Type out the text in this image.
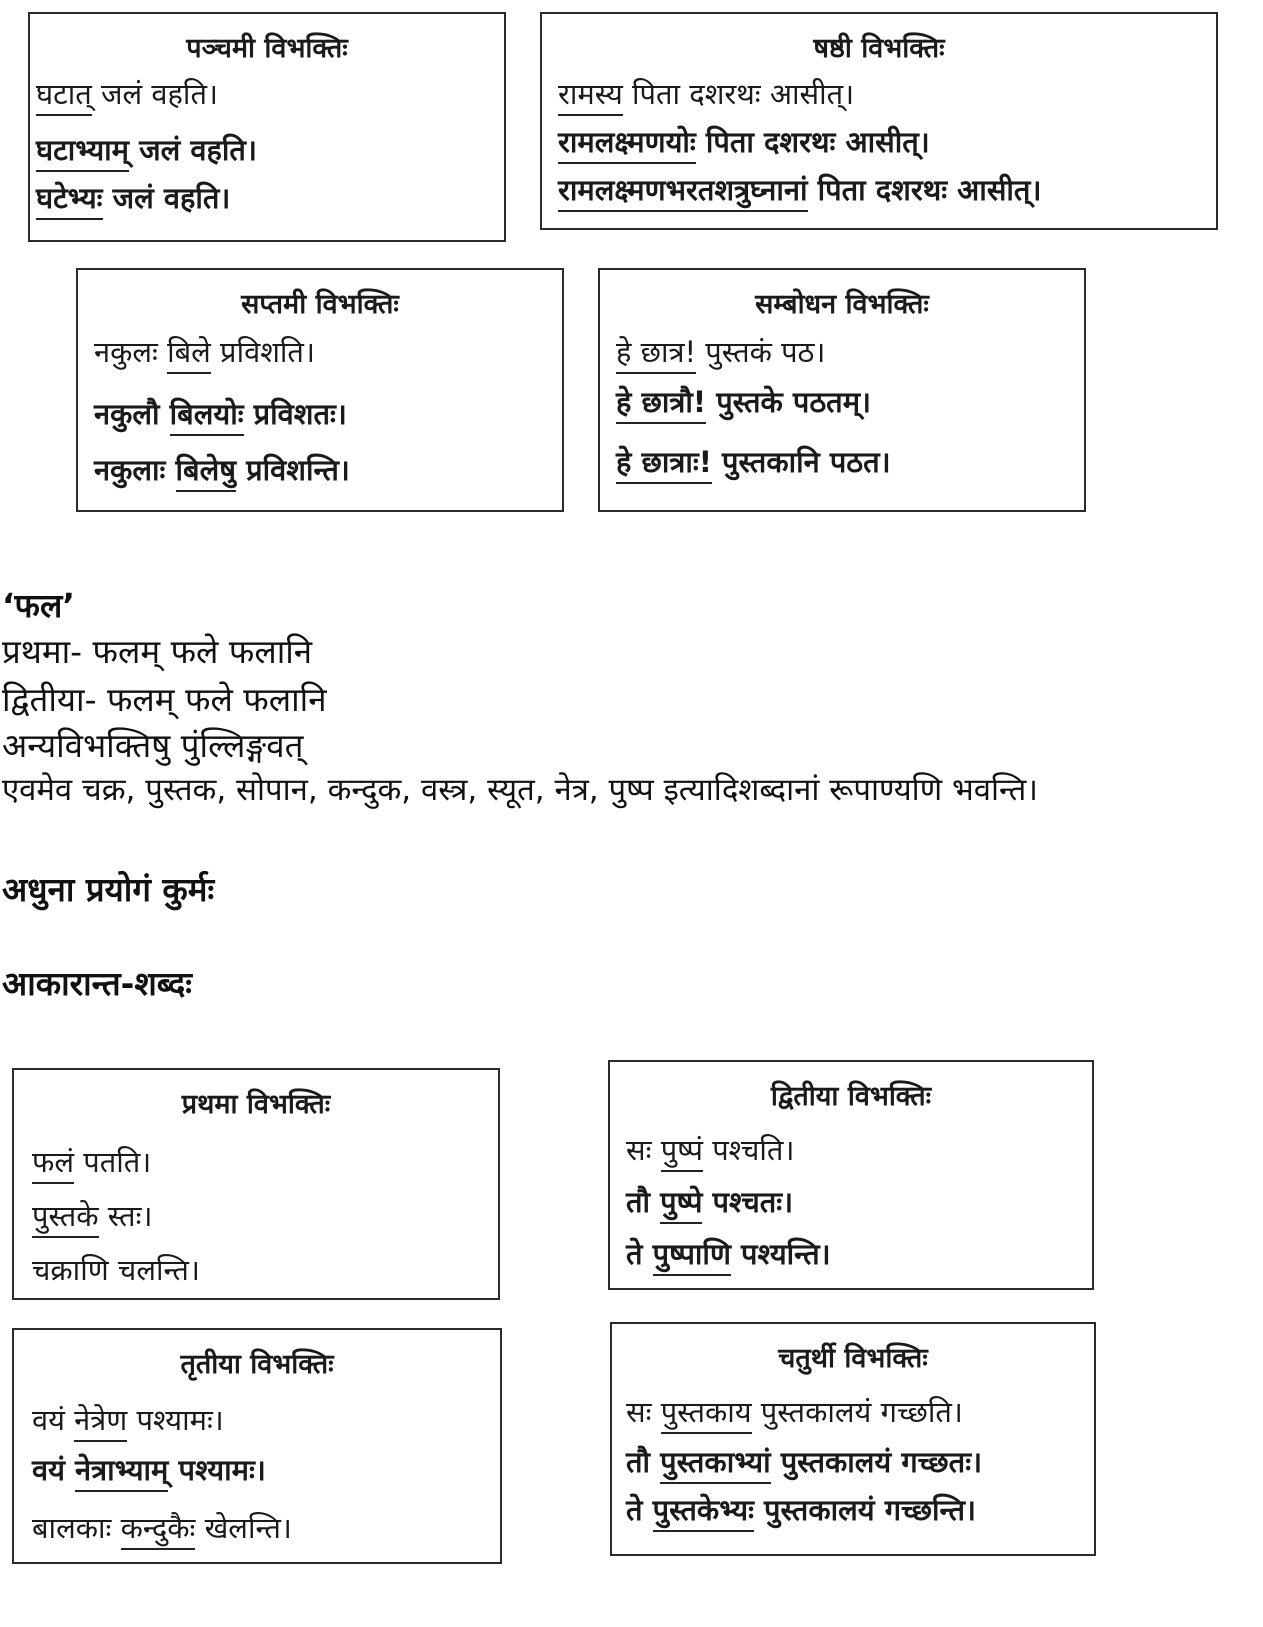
पञ्चमी विभक्तिः
घटात् जलं वहति।
घटाभ्याम् जलं वहति।
घटेभ्यः जलं वहति।
षष्ठी विभक्तिः
रामस्य पिता दशरथः आसीत्।
रामलक्ष्मणयोः पिता दशरथः आसीत्।
रामलक्ष्मणभरतशत्रुघ्नानां पिता दशरथः आसीत्।
सप्तमी विभक्तिः
नकुलः बिले प्रविशति।
नकुलौ बिलयोः प्रविशतः।
नकुलाः बिलेषु प्रविशन्ति।
सम्बोधन विभक्तिः
हे छात्र! पुस्तकं पठ।
हे छात्रौ! पुस्तके पठतम्।
हे छात्राः! पुस्तकानि पठत।
‘फल’
प्रथमा- फलम् फले फलानि
द्वितीया- फलम् फले फलानि
अन्यविभक्तिषु पुंल्लिङ्गवत्
एवमेव चक्र, पुस्तक, सोपान, कन्दुक, वस्त्र, स्यूत, नेत्र, पुष्प इत्यादिशब्दानां रूपाण्यणि भवन्ति।
अधुना प्रयोगं कुर्मः
आकारान्त-शब्दः
प्रथमा विभक्तिः
फलं पतति।
पुस्तके स्तः।
चक्राणि चलन्ति।
द्वितीया विभक्तिः
सः पुष्पं पश्चति।
तौ पुष्पे पश्चतः।
ते पुष्पाणि पश्यन्ति।
तृतीया विभक्तिः
वयं नेत्रेण पश्यामः।
वयं नेत्राभ्याम् पश्यामः।
बालकाः कन्दुकैः खेलन्ति।
चतुर्थी विभक्तिः
सः पुस्तकाय पुस्तकालयं गच्छति।
तौ पुस्तकाभ्यां पुस्तकालयं गच्छतः।
ते पुस्तकेभ्यः पुस्तकालयं गच्छन्ति।
